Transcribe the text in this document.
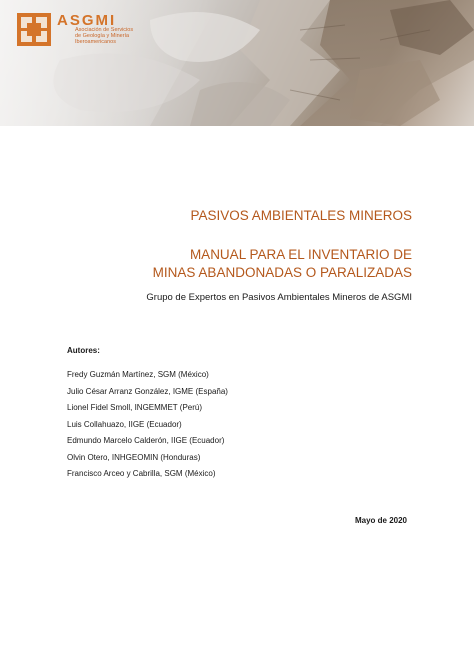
ASGMI
Asociación de Servicios
de Geología y Minería
Iberoamericanos
PASIVOS AMBIENTALES MINEROS
MANUAL PARA EL INVENTARIO DE
MINAS ABANDONADAS O PARALIZADAS
Grupo de Expertos en Pasivos Ambientales Mineros de ASGMI
Autores:
Fredy Guzmán Martínez, SGM (México)
Julio César Arranz González, IGME (España)
Lionel Fidel Smoll, INGEMMET (Perú)
Luis Collahuazo, IIGE (Ecuador)
Edmundo Marcelo Calderón, IIGE (Ecuador)
Olvin Otero, INHGEOMIN (Honduras)
Francisco Arceo y Cabrilla, SGM (México)
Mayo de 2020
